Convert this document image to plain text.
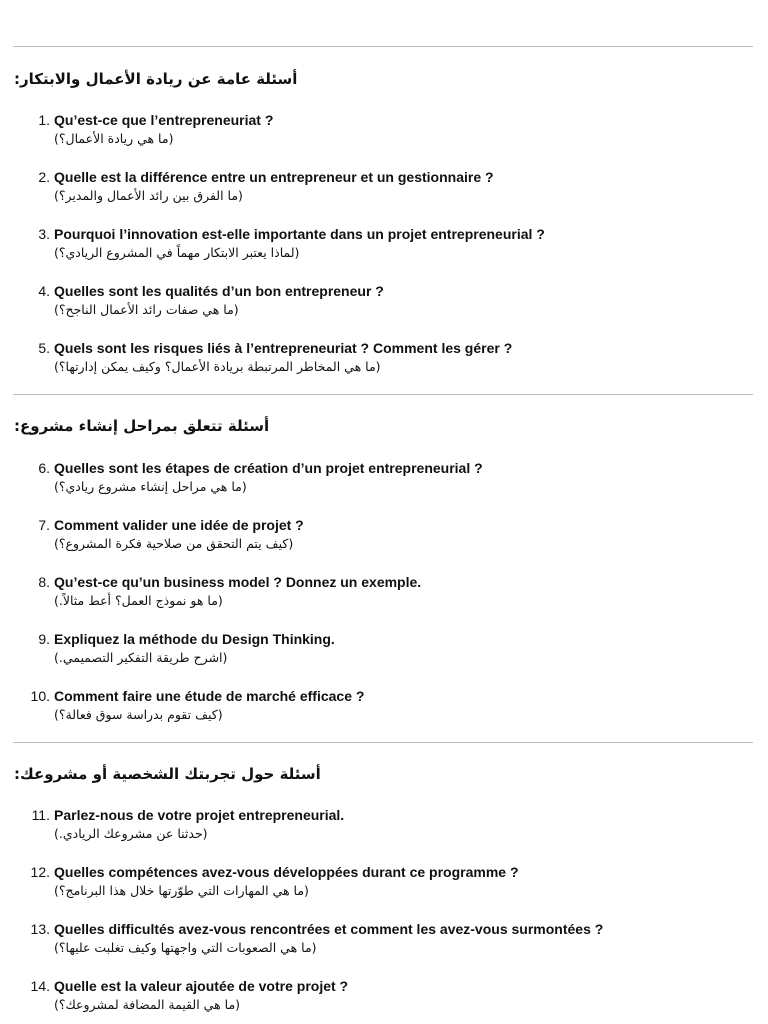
أسئلة عامة عن ريادة الأعمال والابتكار:
1. Qu’est-ce que l’entrepreneuriat ?
(ما هي ريادة الأعمال؟)
2. Quelle est la différence entre un entrepreneur et un gestionnaire ?
(ما الفرق بين رائد الأعمال والمدير؟)
3. Pourquoi l’innovation est-elle importante dans un projet entrepreneurial ?
(لماذا يعتبر الابتكار مهماً في المشروع الريادي؟)
4. Quelles sont les qualités d’un bon entrepreneur ?
(ما هي صفات رائد الأعمال الناجح؟)
5. Quels sont les risques liés à l’entrepreneuriat ? Comment les gérer ?
(ما هي المخاطر المرتبطة بريادة الأعمال؟ وكيف يمكن إدارتها؟)
أسئلة تتعلق بمراحل إنشاء مشروع:
6. Quelles sont les étapes de création d’un projet entrepreneurial ?
(ما هي مراحل إنشاء مشروع ريادي؟)
7. Comment valider une idée de projet ?
(كيف يتم التحقق من صلاحية فكرة المشروع؟)
8. Qu’est-ce qu’un business model ? Donnez un exemple.
(ما هو نموذج العمل؟ أعط مثالاً.)
9. Expliquez la méthode du Design Thinking.
(اشرح طريقة التفكير التصميمي.)
10. Comment faire une étude de marché efficace ?
(كيف تقوم بدراسة سوق فعالة؟)
أسئلة حول تجربتك الشخصية أو مشروعك:
11. Parlez-nous de votre projet entrepreneurial.
(حدثنا عن مشروعك الريادي.)
12. Quelles compétences avez-vous développées durant ce programme ?
(ما هي المهارات التي طوّرتها خلال هذا البرنامج؟)
13. Quelles difficultés avez-vous rencontrées et comment les avez-vous surmontées ?
(ما هي الصعوبات التي واجهتها وكيف تغلبت عليها؟)
14. Quelle est la valeur ajoutée de votre projet ?
(ما هي القيمة المضافة لمشروعك؟)
